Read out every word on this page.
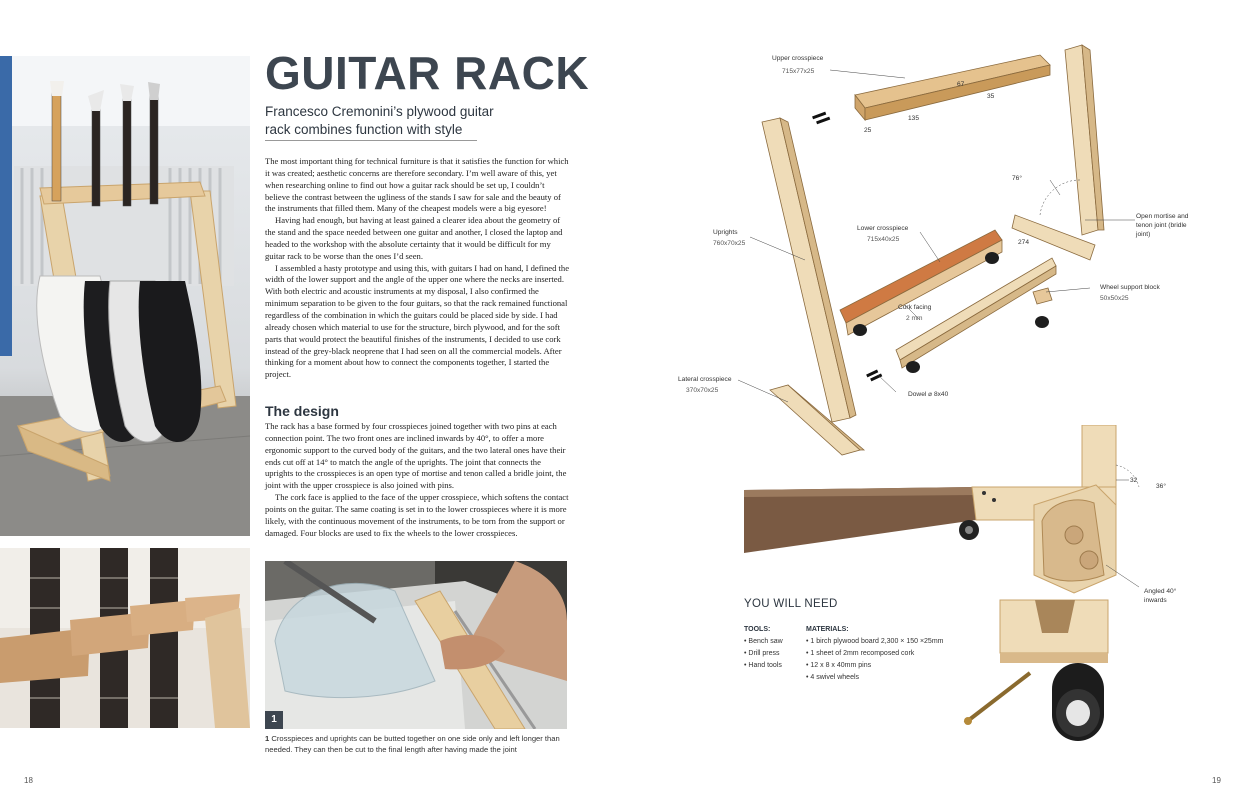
GUITAR RACK
Francesco Cremonini’s plywood guitar rack combines function with style

The most important thing for technical furniture is that it satisfies the function for which it was created; aesthetic concerns are therefore secondary. I’m well aware of this, yet when researching online to find out how a guitar rack should be set up, I couldn’t believe the contrast between the ugliness of the stands I saw for sale and the beauty of the instruments that filled them. Many of the cheapest models were a big eyesore!

Having had enough, but having at least gained a clearer idea about the geometry of the stand and the space needed between one guitar and another, I closed the laptop and headed to the workshop with the absolute certainty that it would be difficult for my guitar rack to be worse than the ones I’d seen.

I assembled a hasty prototype and using this, with guitars I had on hand, I defined the width of the lower support and the angle of the upper one where the necks are inserted. With both electric and acoustic instruments at my disposal, I also confirmed the minimum separation to be given to the four guitars, so that the rack remained functional regardless of the combination in which the guitars could be placed side by side. I had already chosen which material to use for the structure, birch plywood, and for the soft parts that would protect the beautiful finishes of the instruments, I decided to use cork instead of the grey-black neoprene that I had seen on all the commercial models. After thinking for a moment about how to connect the components together, I started the project.

The design

The rack has a base formed by four crosspieces joined together with two pins at each connection point. The two front ones are inclined inwards by 40°, to offer a more ergonomic support to the curved body of the guitars, and the two lateral ones have their ends cut off at 14° to match the angle of the uprights. The joint that connects the uprights to the crosspieces is an open type of mortise and tenon called a bridle joint, the joint with the upper crosspiece is also joined with pins.

The cork face is applied to the face of the upper crosspiece, which softens the contact points on the guitar. The same coating is set in to the lower crosspieces where it is more likely, with the continuous movement of the instruments, to be torn from the support or damaged. Four blocks are used to fix the wheels to the lower crosspieces.

1
1 Crosspieces and uprights can be butted together on one side only and left longer than needed. They can then be cut to the final length after having made the joint
18	19
Upper crosspiece
715x77x25
25
135
67
35
76°
Open mortise and tenon joint (bridle joint)
274
Uprights
760x70x25
Lower crosspiece
715x40x25
Cork facing
2 mm
Wheel support block
50x50x25
Lateral crosspiece
370x70x25
Dowel ⌀ 8x40
32
36°
Angled 40° inwards
YOU WILL NEED
TOOLS:
• Bench saw
• Drill press
• Hand tools
MATERIALS:
• 1 birch plywood board 2,300 × 150 ×25mm
• 1 sheet of 2mm recomposed cork
• 12 x 8 x 40mm pins
• 4 swivel wheels
